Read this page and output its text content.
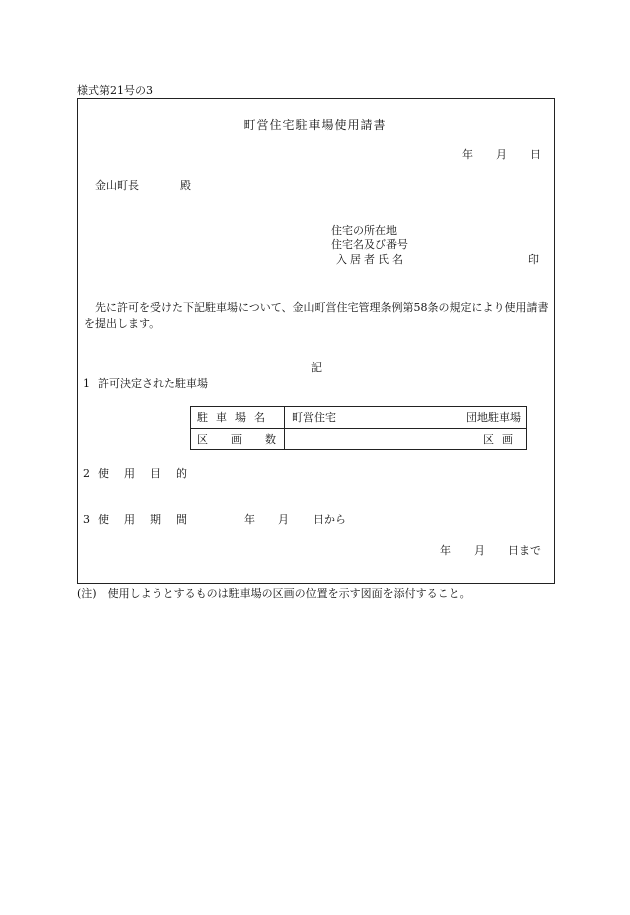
様式第21号の3
町営住宅駐車場使用請書
年 月 日
金山町長	殿
住宅の所在地
住宅名及び番号
入居者氏名	印
先に許可を受けた下記駐車場について、金山町営住宅管理条例第58条の規定により使用請書を提出します。
記
1 許可決定された駐車場
駐車場名	町営住宅	団地駐車場
区画数	区画
2 使用目的
3 使用期間	年 月 日から
年 月 日まで
(注)　使用しようとするものは駐車場の区画の位置を示す図面を添付すること。
